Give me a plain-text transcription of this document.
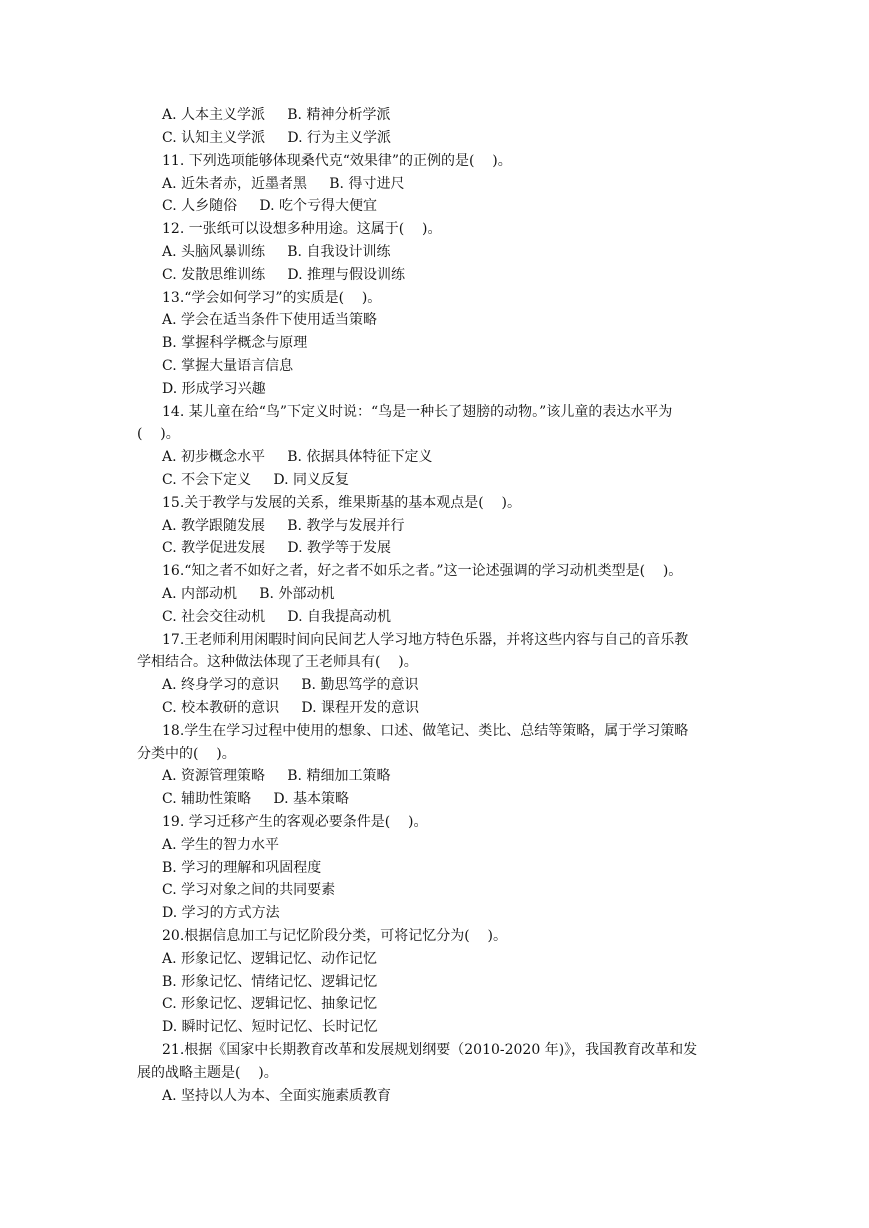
A. 人本主义学派     B. 精神分析学派
C. 认知主义学派     D. 行为主义学派
11. 下列选项能够体现桑代克“效果律”的正例的是(    )。
A. 近朱者赤，近墨者黑     B. 得寸进尺
C. 人乡随俗     D. 吃个亏得大便宜
12. 一张纸可以设想多种用途。这属于(    )。
A. 头脑风暴训练     B. 自我设计训练
C. 发散思维训练     D. 推理与假设训练
13.“学会如何学习”的实质是(    )。
A. 学会在适当条件下使用适当策略
B. 掌握科学概念与原理
C. 掌握大量语言信息
D. 形成学习兴趣
14. 某儿童在给“鸟”下定义时说：“鸟是一种长了翅膀的动物。”该儿童的表达水平为
(    )。
A. 初步概念水平     B. 依据具体特征下定义
C. 不会下定义     D. 同义反复
15.关于教学与发展的关系，维果斯基的基本观点是(    )。
A. 教学跟随发展     B. 教学与发展并行
C. 教学促进发展     D. 教学等于发展
16.“知之者不如好之者，好之者不如乐之者。”这一论述强调的学习动机类型是(    )。
A. 内部动机     B. 外部动机
C. 社会交往动机     D. 自我提高动机
17.王老师利用闲暇时间向民间艺人学习地方特色乐器，并将这些内容与自己的音乐教
学相结合。这种做法体现了王老师具有(    )。
A. 终身学习的意识     B. 勤思笃学的意识
C. 校本教研的意识     D. 课程开发的意识
18.学生在学习过程中使用的想象、口述、做笔记、类比、总结等策略，属于学习策略
分类中的(    )。
A. 资源管理策略     B. 精细加工策略
C. 辅助性策略     D. 基本策略
19. 学习迁移产生的客观必要条件是(    )。
A. 学生的智力水平
B. 学习的理解和巩固程度
C. 学习对象之间的共同要素
D. 学习的方式方法
20.根据信息加工与记忆阶段分类，可将记忆分为(    )。
A. 形象记忆、逻辑记忆、动作记忆
B. 形象记忆、情绪记忆、逻辑记忆
C. 形象记忆、逻辑记忆、抽象记忆
D. 瞬时记忆、短时记忆、长时记忆
21.根据《国家中长期教育改革和发展规划纲要（2010-2020 年)》，我国教育改革和发
展的战略主题是(    )。
A. 坚持以人为本、全面实施素质教育
